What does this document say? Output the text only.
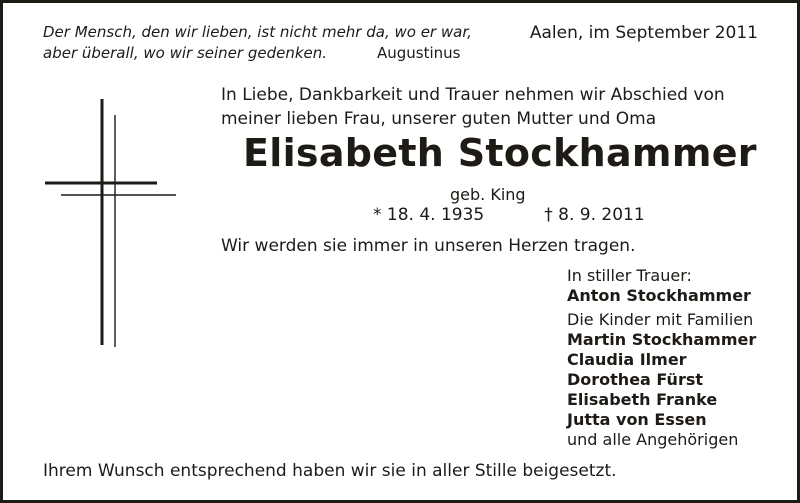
Der Mensch, den wir lieben, ist nicht mehr da, wo er war,
aber überall, wo wir seiner gedenken.	Augustinus
Aalen, im September 2011
In Liebe, Dankbarkeit und Trauer nehmen wir Abschied von
meiner lieben Frau, unserer guten Mutter und Oma
Elisabeth Stockhammer
geb. King
* 18. 4. 1935	† 8. 9. 2011
Wir werden sie immer in unseren Herzen tragen.
In stiller Trauer:
Anton Stockhammer
Die Kinder mit Familien
Martin Stockhammer
Claudia Ilmer
Dorothea Fürst
Elisabeth Franke
Jutta von Essen
und alle Angehörigen
Ihrem Wunsch entsprechend haben wir sie in aller Stille beigesetzt.
